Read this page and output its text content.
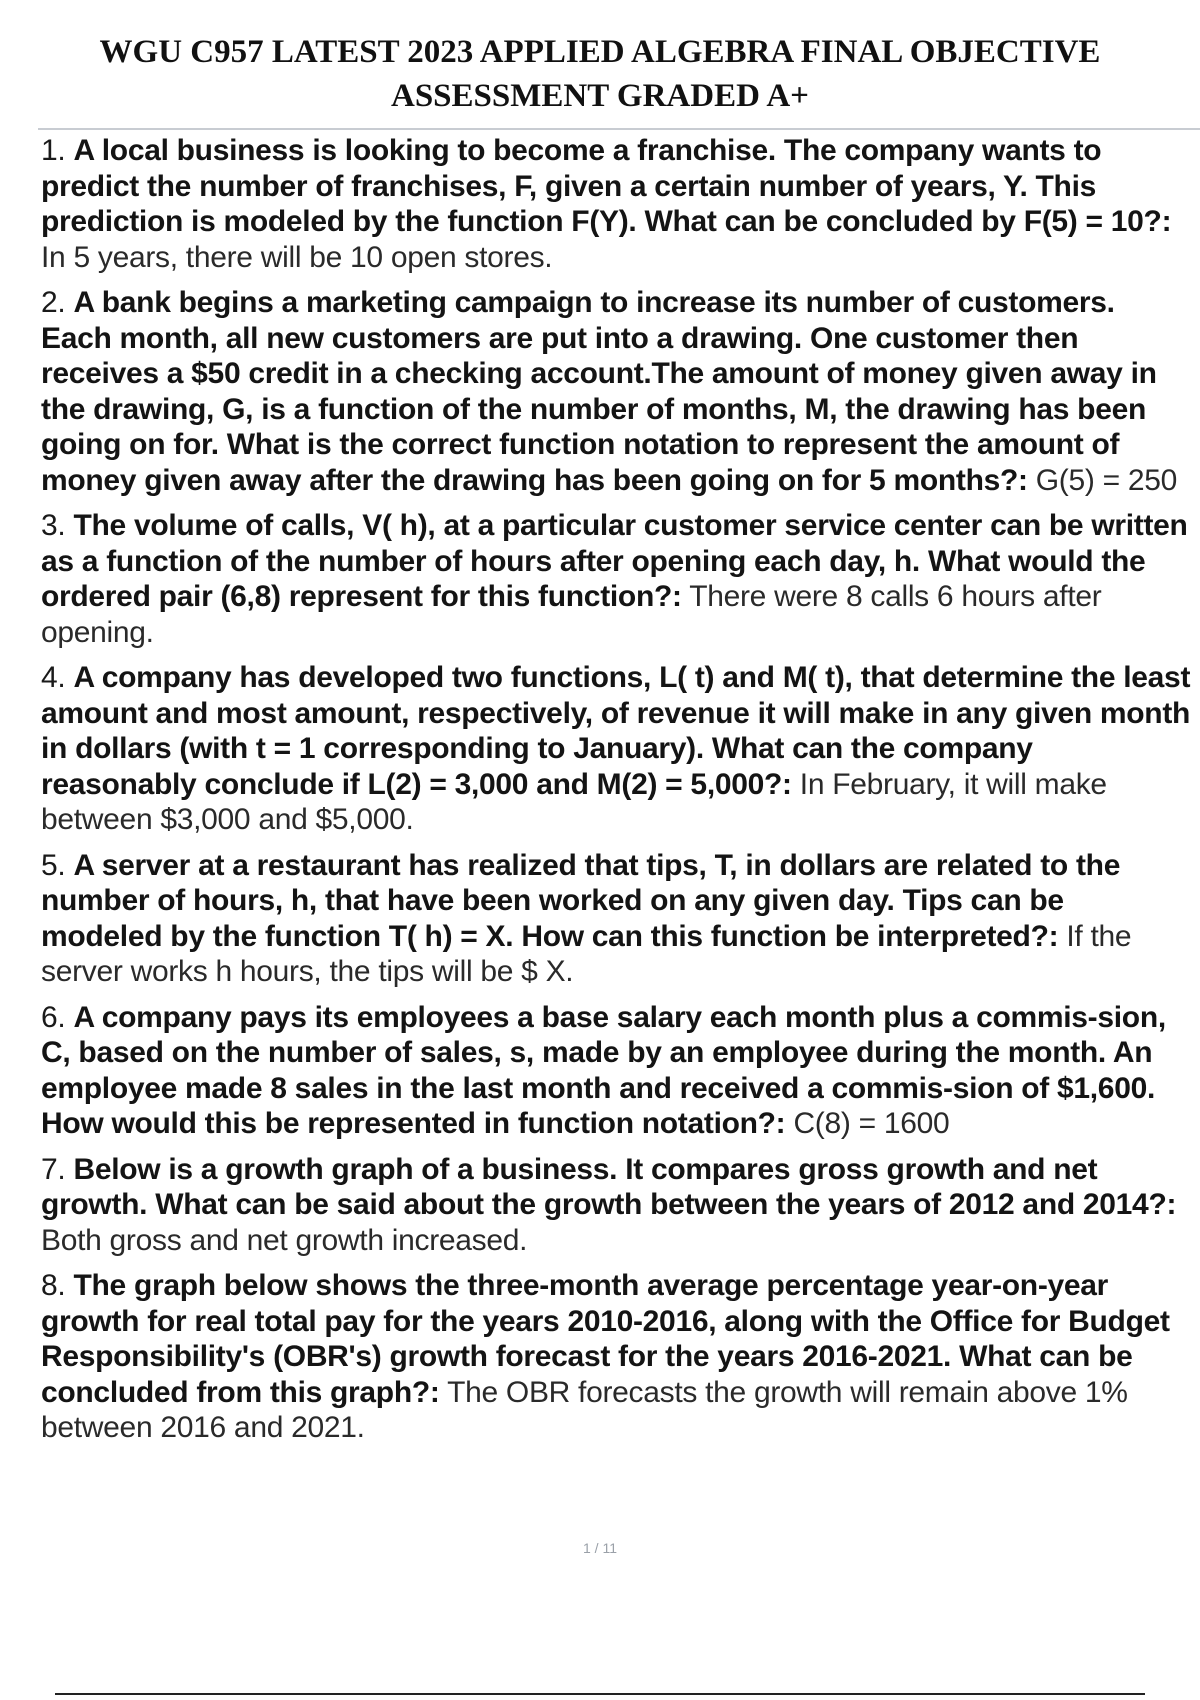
WGU C957 LATEST 2023 APPLIED ALGEBRA FINAL OBJECTIVE
ASSESSMENT GRADED A+
1. A local business is looking to become a franchise. The company wants to predict the number of franchises, F, given a certain number of years, Y. This prediction is modeled by the function F(Y). What can be concluded by F(5) = 10?: In 5 years, there will be 10 open stores.
2. A bank begins a marketing campaign to increase its number of customers. Each month, all new customers are put into a drawing. One customer then receives a $50 credit in a checking account.The amount of money given away in the drawing, G, is a function of the number of months, M, the drawing has been going on for. What is the correct function notation to represent the amount of money given away after the drawing has been going on for 5 months?: G(5) = 250
3. The volume of calls, V( h), at a particular customer service center can be written as a function of the number of hours after opening each day, h. What would the ordered pair (6,8) represent for this function?: There were 8 calls 6 hours after opening.
4. A company has developed two functions, L( t) and M( t), that determine the least amount and most amount, respectively, of revenue it will make in any given month in dollars (with t = 1 corresponding to January). What can the company reasonably conclude if L(2) = 3,000 and M(2) = 5,000?: In February, it will make between $3,000 and $5,000.
5. A server at a restaurant has realized that tips, T, in dollars are related to the number of hours, h, that have been worked on any given day. Tips can be modeled by the function T( h) = X. How can this function be interpreted?: If the server works h hours, the tips will be $ X.
6. A company pays its employees a base salary each month plus a commis-sion, C, based on the number of sales, s, made by an employee during the month. An employee made 8 sales in the last month and received a commis-sion of $1,600. How would this be represented in function notation?: C(8) = 1600
7. Below is a growth graph of a business. It compares gross growth and net growth. What can be said about the growth between the years of 2012 and 2014?: Both gross and net growth increased.
8. The graph below shows the three-month average percentage year-on-year growth for real total pay for the years 2010-2016, along with the Office for Budget Responsibility's (OBR's) growth forecast for the years 2016-2021. What can be concluded from this graph?: The OBR forecasts the growth will remain above 1% between 2016 and 2021.
1 / 11
